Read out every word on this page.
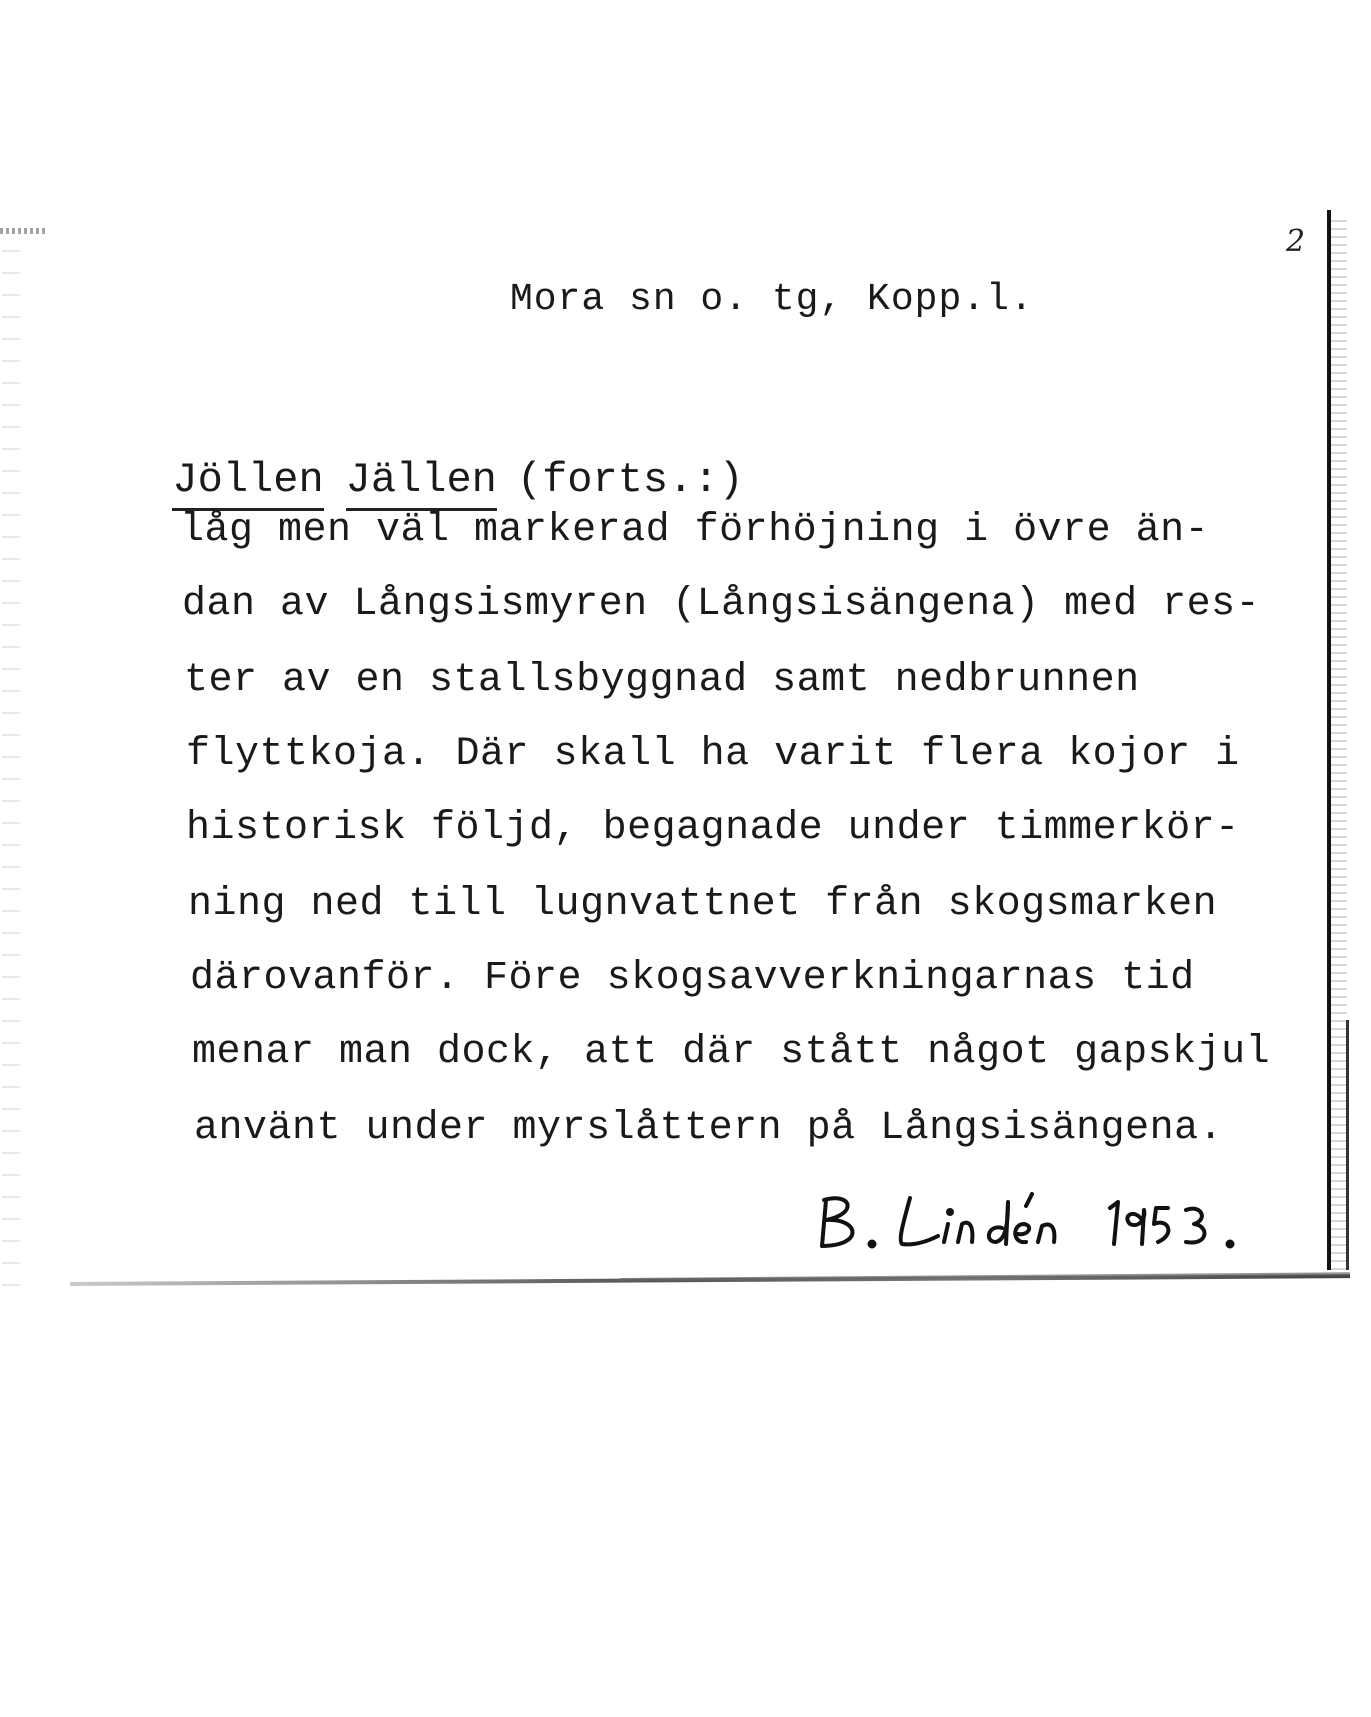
2
Mora sn o. tg, Kopp.l.

Jöllen Jällen (forts.:)

låg men väl markerad förhöjning i övre än-
dan av Långsismyren (Långsisängena) med res-
ter av en stallsbyggnad samt nedbrunnen
flyttkoja. Där skall ha varit flera kojor i
historisk följd, begagnade under timmerkör-
ning ned till lugnvattnet från skogsmarken
därovanför. Före skogsavverkningarnas tid
menar man dock, att där stått något gapskjul
använt under myrslåttern på Långsisängena.
